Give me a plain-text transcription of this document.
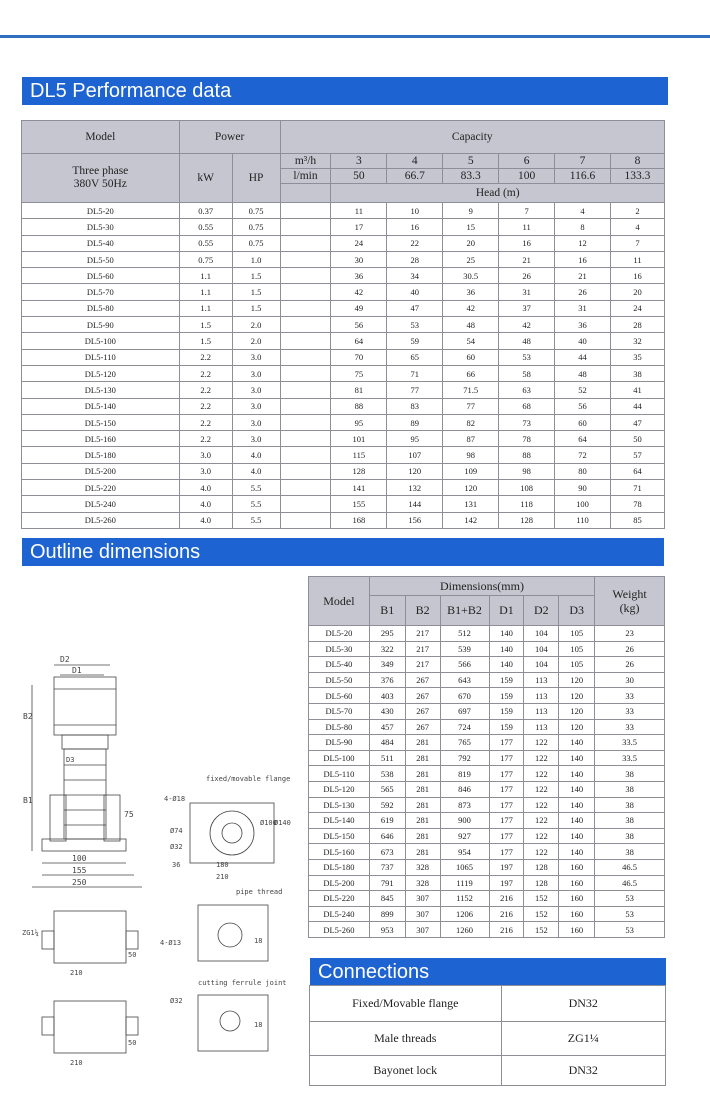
DL5 Performance data
Model	Power		Capacity						
Three phase
380V 50Hz	kW	HP	m³/h	3	4	5	6	7	8
			l/min	50	66.7	83.3	100	116.6	133.3
				Head (m)					
DL5-20	0.37	0.75		11	10	9	7	4	2
DL5-30	0.55	0.75		17	16	15	11	8	4
DL5-40	0.55	0.75		24	22	20	16	12	7
DL5-50	0.75	1.0		30	28	25	21	16	11
DL5-60	1.1	1.5		36	34	30.5	26	21	16
DL5-70	1.1	1.5		42	40	36	31	26	20
DL5-80	1.1	1.5		49	47	42	37	31	24
DL5-90	1.5	2.0		56	53	48	42	36	28
DL5-100	1.5	2.0		64	59	54	48	40	32
DL5-110	2.2	3.0		70	65	60	53	44	35
DL5-120	2.2	3.0		75	71	66	58	48	38
DL5-130	2.2	3.0		81	77	71.5	63	52	41
DL5-140	2.2	3.0		88	83	77	68	56	44
DL5-150	2.2	3.0		95	89	82	73	60	47
DL5-160	2.2	3.0		101	95	87	78	64	50
DL5-180	3.0	4.0		115	107	98	88	72	57
DL5-200	3.0	4.0		128	120	109	98	80	64
DL5-220	4.0	5.5		141	132	120	108	90	71
DL5-240	4.0	5.5		155	144	131	118	100	78
DL5-260	4.0	5.5		168	156	142	128	110	85
Outline dimensions
D2
D1
B2
B1
D3
100
155
250
75
fixed/movable flange
4-Ø18
Ø74
Ø32
Ø100
Ø140
36	180
210
pipe thread
ZG1¼
50
210
4-Ø13	18
cutting ferrule joint
50
210
Ø32
18
Model	Dimensions(mm)						Weight
(kg)
	B1	B2	B1+B2	D1	D2	D3	
DL5-20	295	217	512	140	104	105	23
DL5-30	322	217	539	140	104	105	26
DL5-40	349	217	566	140	104	105	26
DL5-50	376	267	643	159	113	120	30
DL5-60	403	267	670	159	113	120	33
DL5-70	430	267	697	159	113	120	33
DL5-80	457	267	724	159	113	120	33
DL5-90	484	281	765	177	122	140	33.5
DL5-100	511	281	792	177	122	140	33.5
DL5-110	538	281	819	177	122	140	38
DL5-120	565	281	846	177	122	140	38
DL5-130	592	281	873	177	122	140	38
DL5-140	619	281	900	177	122	140	38
DL5-150	646	281	927	177	122	140	38
DL5-160	673	281	954	177	122	140	38
DL5-180	737	328	1065	197	128	160	46.5
DL5-200	791	328	1119	197	128	160	46.5
DL5-220	845	307	1152	216	152	160	53
DL5-240	899	307	1206	216	152	160	53
DL5-260	953	307	1260	216	152	160	53
Connections
Fixed/Movable flange	DN32
Male threads	ZG1¼
Bayonet lock	DN32
